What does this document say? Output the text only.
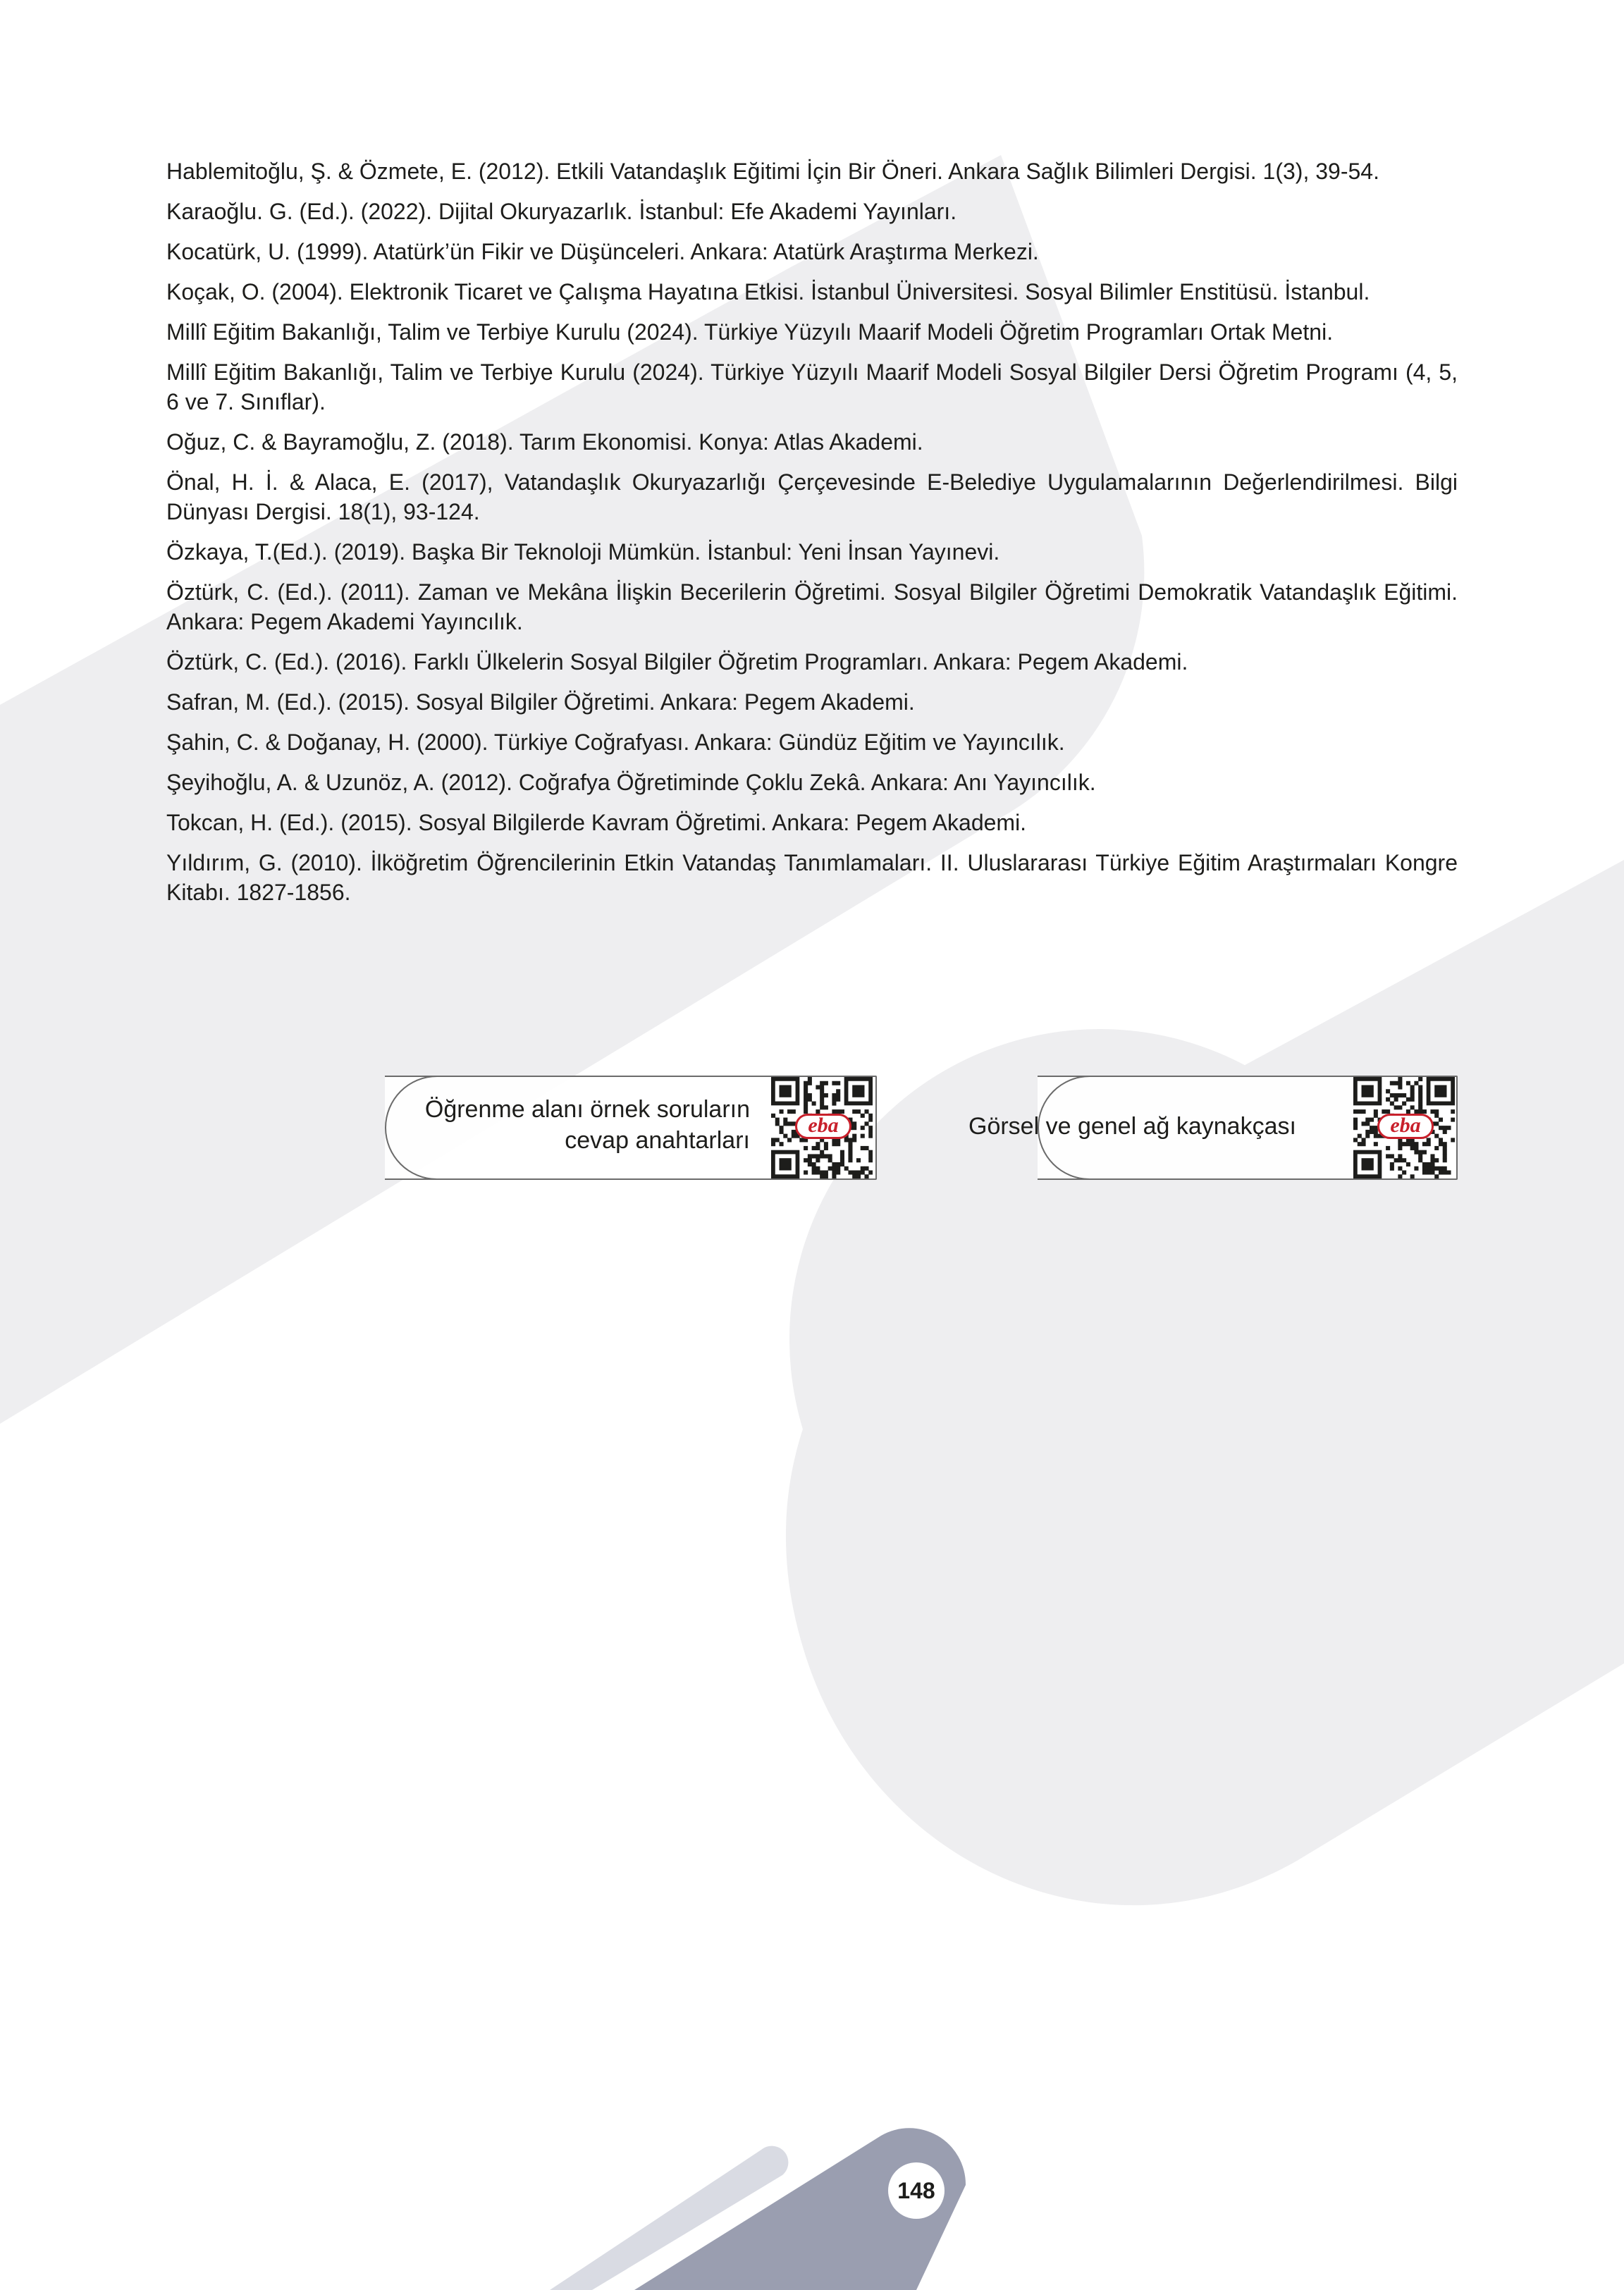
Hablemitoğlu, Ş. & Özmete, E. (2012). Etkili Vatandaşlık Eğitimi İçin Bir Öneri. Ankara Sağlık Bilimleri Dergisi. 1(3), 39-54.

Karaoğlu. G. (Ed.). (2022). Dijital Okuryazarlık. İstanbul: Efe Akademi Yayınları.

Kocatürk, U. (1999). Atatürk’ün Fikir ve Düşünceleri. Ankara: Atatürk Araştırma Merkezi.

Koçak, O. (2004). Elektronik Ticaret ve Çalışma Hayatına Etkisi. İstanbul Üniversitesi. Sosyal Bilimler Enstitüsü. İstanbul.

Millî Eğitim Bakanlığı, Talim ve Terbiye Kurulu (2024). Türkiye Yüzyılı Maarif Modeli Öğretim Programları Ortak Metni.

Millî Eğitim Bakanlığı, Talim ve Terbiye Kurulu (2024). Türkiye Yüzyılı Maarif Modeli Sosyal Bilgiler Dersi Öğretim Programı (4, 5, 6 ve 7. Sınıflar).

Oğuz, C. & Bayramoğlu, Z. (2018). Tarım Ekonomisi. Konya: Atlas Akademi.

Önal, H. İ. & Alaca, E. (2017), Vatandaşlık Okuryazarlığı Çerçevesinde E-Belediye Uygulamalarının Değerlendirilmesi. Bilgi Dünyası Dergisi. 18(1), 93-124.

Özkaya, T.(Ed.). (2019). Başka Bir Teknoloji Mümkün. İstanbul: Yeni İnsan Yayınevi.

Öztürk, C. (Ed.). (2011). Zaman ve Mekâna İlişkin Becerilerin Öğretimi. Sosyal Bilgiler Öğretimi Demokratik Vatandaşlık Eğitimi. Ankara: Pegem Akademi Yayıncılık.

Öztürk, C. (Ed.). (2016). Farklı Ülkelerin Sosyal Bilgiler Öğretim Programları. Ankara: Pegem Akademi.

Safran, M. (Ed.). (2015). Sosyal Bilgiler Öğretimi. Ankara: Pegem Akademi.

Şahin, C. & Doğanay, H. (2000). Türkiye Coğrafyası. Ankara: Gündüz Eğitim ve Yayıncılık.

Şeyihoğlu, A. & Uzunöz, A. (2012). Coğrafya Öğretiminde Çoklu Zekâ. Ankara: Anı Yayıncılık.

Tokcan, H. (Ed.). (2015). Sosyal Bilgilerde Kavram Öğretimi. Ankara: Pegem Akademi.

Yıldırım, G. (2010). İlköğretim Öğrencilerinin Etkin Vatandaş Tanımlamaları. II. Uluslararası Türkiye Eğitim Araştırmaları Kongre Kitabı. 1827-1856.

Öğrenme alanı örnek soruların
cevap anahtarları
eba	Görsel ve genel ağ kaynakçası	eba
148
